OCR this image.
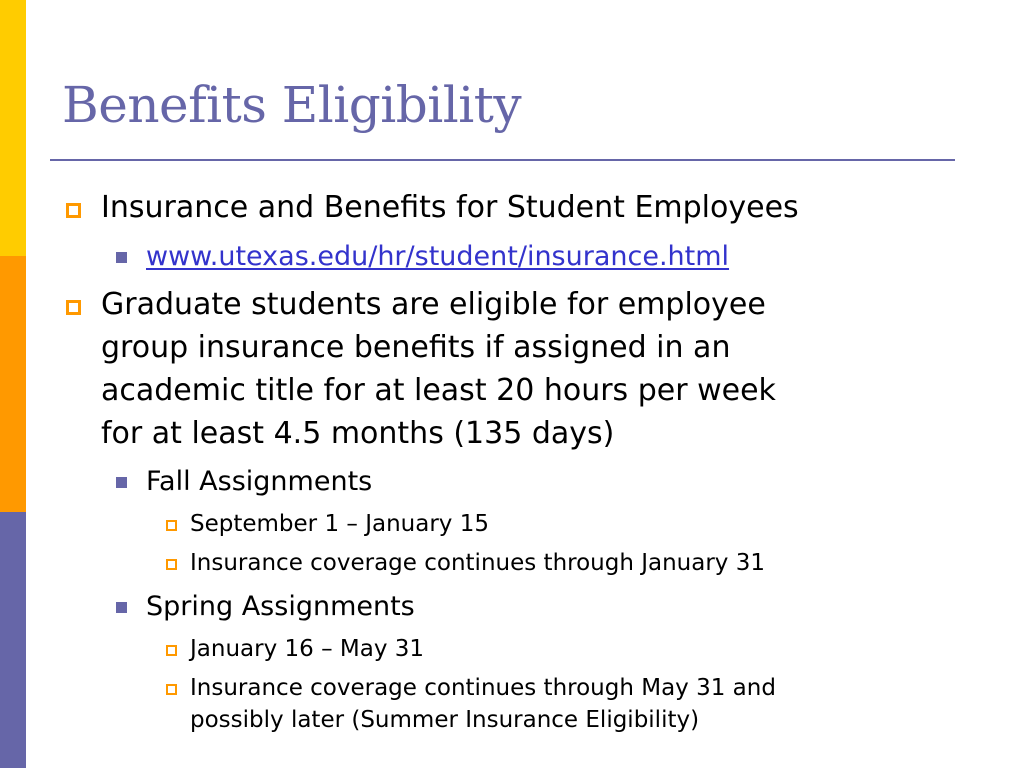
Benefits Eligibility
Insurance and Benefits for Student Employees
www.utexas.edu/hr/student/insurance.html
Graduate students are eligible for employee
group insurance benefits if assigned in an
academic title for at least 20 hours per week
for at least 4.5 months (135 days)
Fall Assignments
September 1 – January 15
Insurance coverage continues through January 31
Spring Assignments
January 16 – May 31
Insurance coverage continues through May 31 and
possibly later (Summer Insurance Eligibility)
